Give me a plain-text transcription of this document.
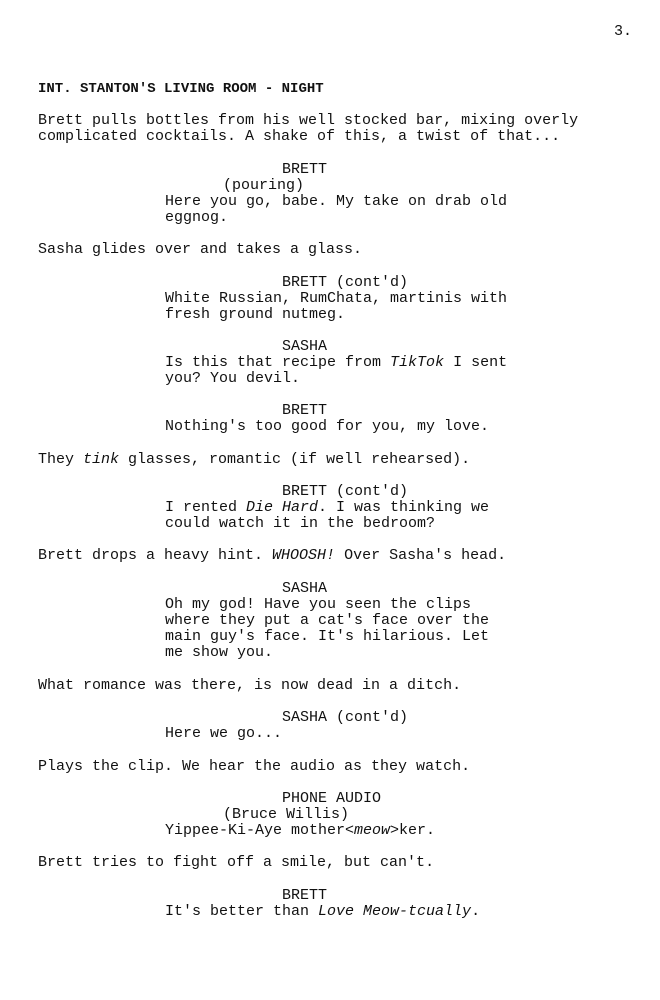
3.
INT. STANTON'S LIVING ROOM - NIGHT
Brett pulls bottles from his well stocked bar, mixing overly
complicated cocktails. A shake of this, a twist of that...
BRETT
(pouring)
Here you go, babe. My take on drab old
eggnog.
Sasha glides over and takes a glass.
BRETT (cont'd)
White Russian, RumChata, martinis with
fresh ground nutmeg.
SASHA
Is this that recipe from TikTok I sent
you? You devil.
BRETT
Nothing's too good for you, my love.
They tink glasses, romantic (if well rehearsed).
BRETT (cont'd)
I rented Die Hard. I was thinking we
could watch it in the bedroom?
Brett drops a heavy hint. WHOOSH! Over Sasha's head.
SASHA
Oh my god! Have you seen the clips
where they put a cat's face over the
main guy's face. It's hilarious. Let
me show you.
What romance was there, is now dead in a ditch.
SASHA (cont'd)
Here we go...
Plays the clip. We hear the audio as they watch.
PHONE AUDIO
(Bruce Willis)
Yippee-Ki-Aye mother<meow>ker.
Brett tries to fight off a smile, but can't.
BRETT
It's better than Love Meow-tcually.
